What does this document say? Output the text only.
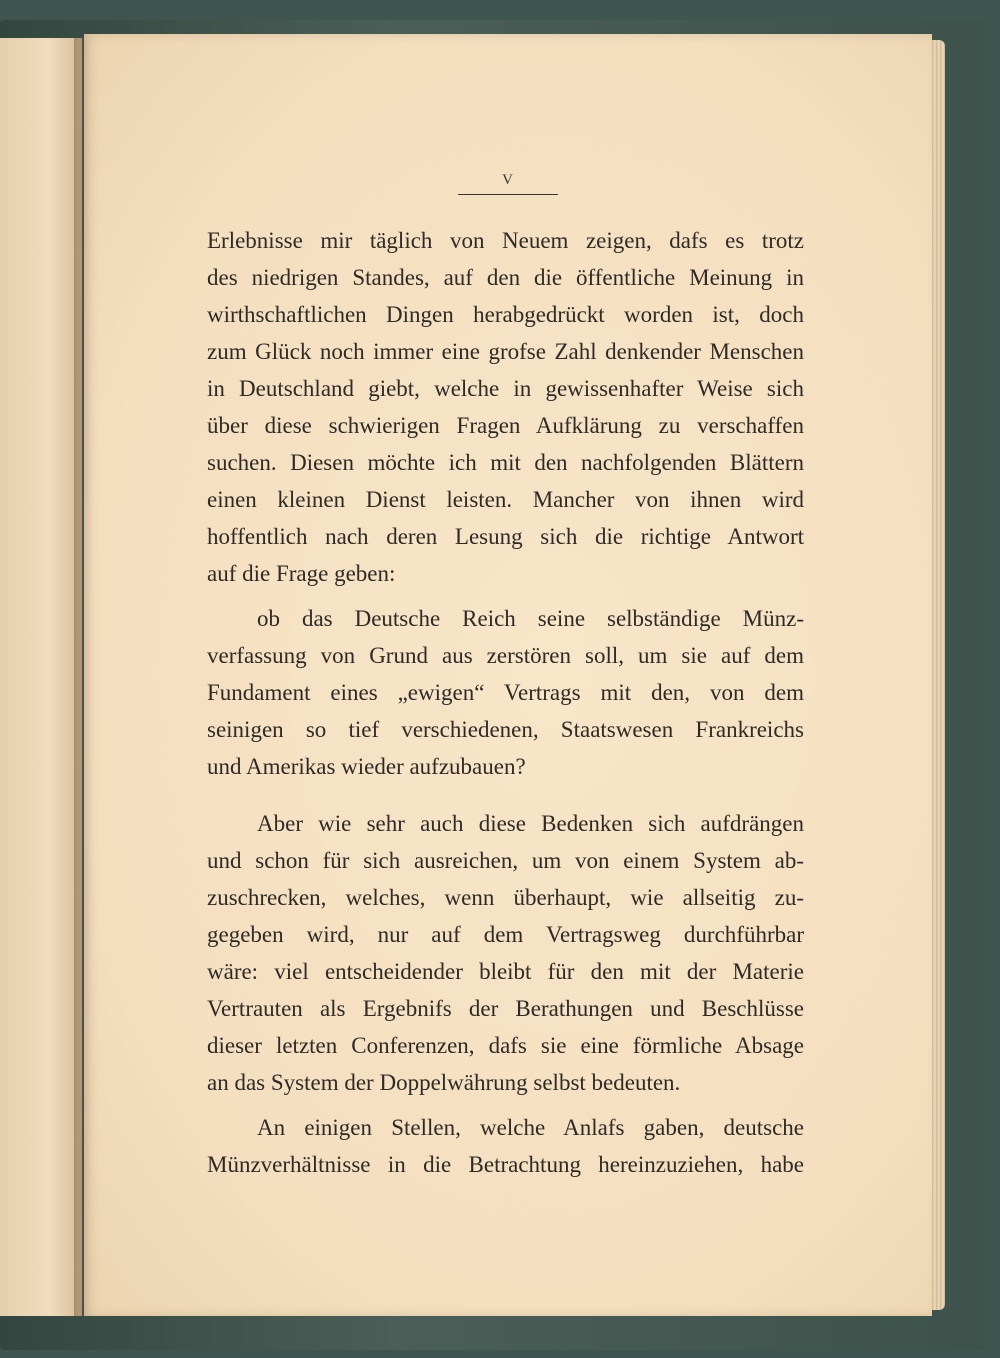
V
Erlebnisse mir täglich von Neuem zeigen, dafs es trotz
des niedrigen Standes, auf den die öffentliche Meinung in
wirthschaftlichen Dingen herabgedrückt worden ist, doch
zum Glück noch immer eine grofse Zahl denkender Menschen
in Deutschland giebt, welche in gewissenhafter Weise sich
über diese schwierigen Fragen Aufklärung zu verschaffen
suchen. Diesen möchte ich mit den nachfolgenden Blättern
einen kleinen Dienst leisten. Mancher von ihnen wird
hoffentlich nach deren Lesung sich die richtige Antwort
auf die Frage geben:
ob das Deutsche Reich seine selbständige Münz-
verfassung von Grund aus zerstören soll, um sie auf dem
Fundament eines „ewigen“ Vertrags mit den, von dem
seinigen so tief verschiedenen, Staatswesen Frankreichs
und Amerikas wieder aufzubauen?
Aber wie sehr auch diese Bedenken sich aufdrängen
und schon für sich ausreichen, um von einem System ab-
zuschrecken, welches, wenn überhaupt, wie allseitig zu-
gegeben wird, nur auf dem Vertragsweg durchführbar
wäre: viel entscheidender bleibt für den mit der Materie
Vertrauten als Ergebnifs der Berathungen und Beschlüsse
dieser letzten Conferenzen, dafs sie eine förmliche Absage
an das System der Doppelwährung selbst bedeuten.
An einigen Stellen, welche Anlafs gaben, deutsche
Münzverhältnisse in die Betrachtung hereinzuziehen, habe
